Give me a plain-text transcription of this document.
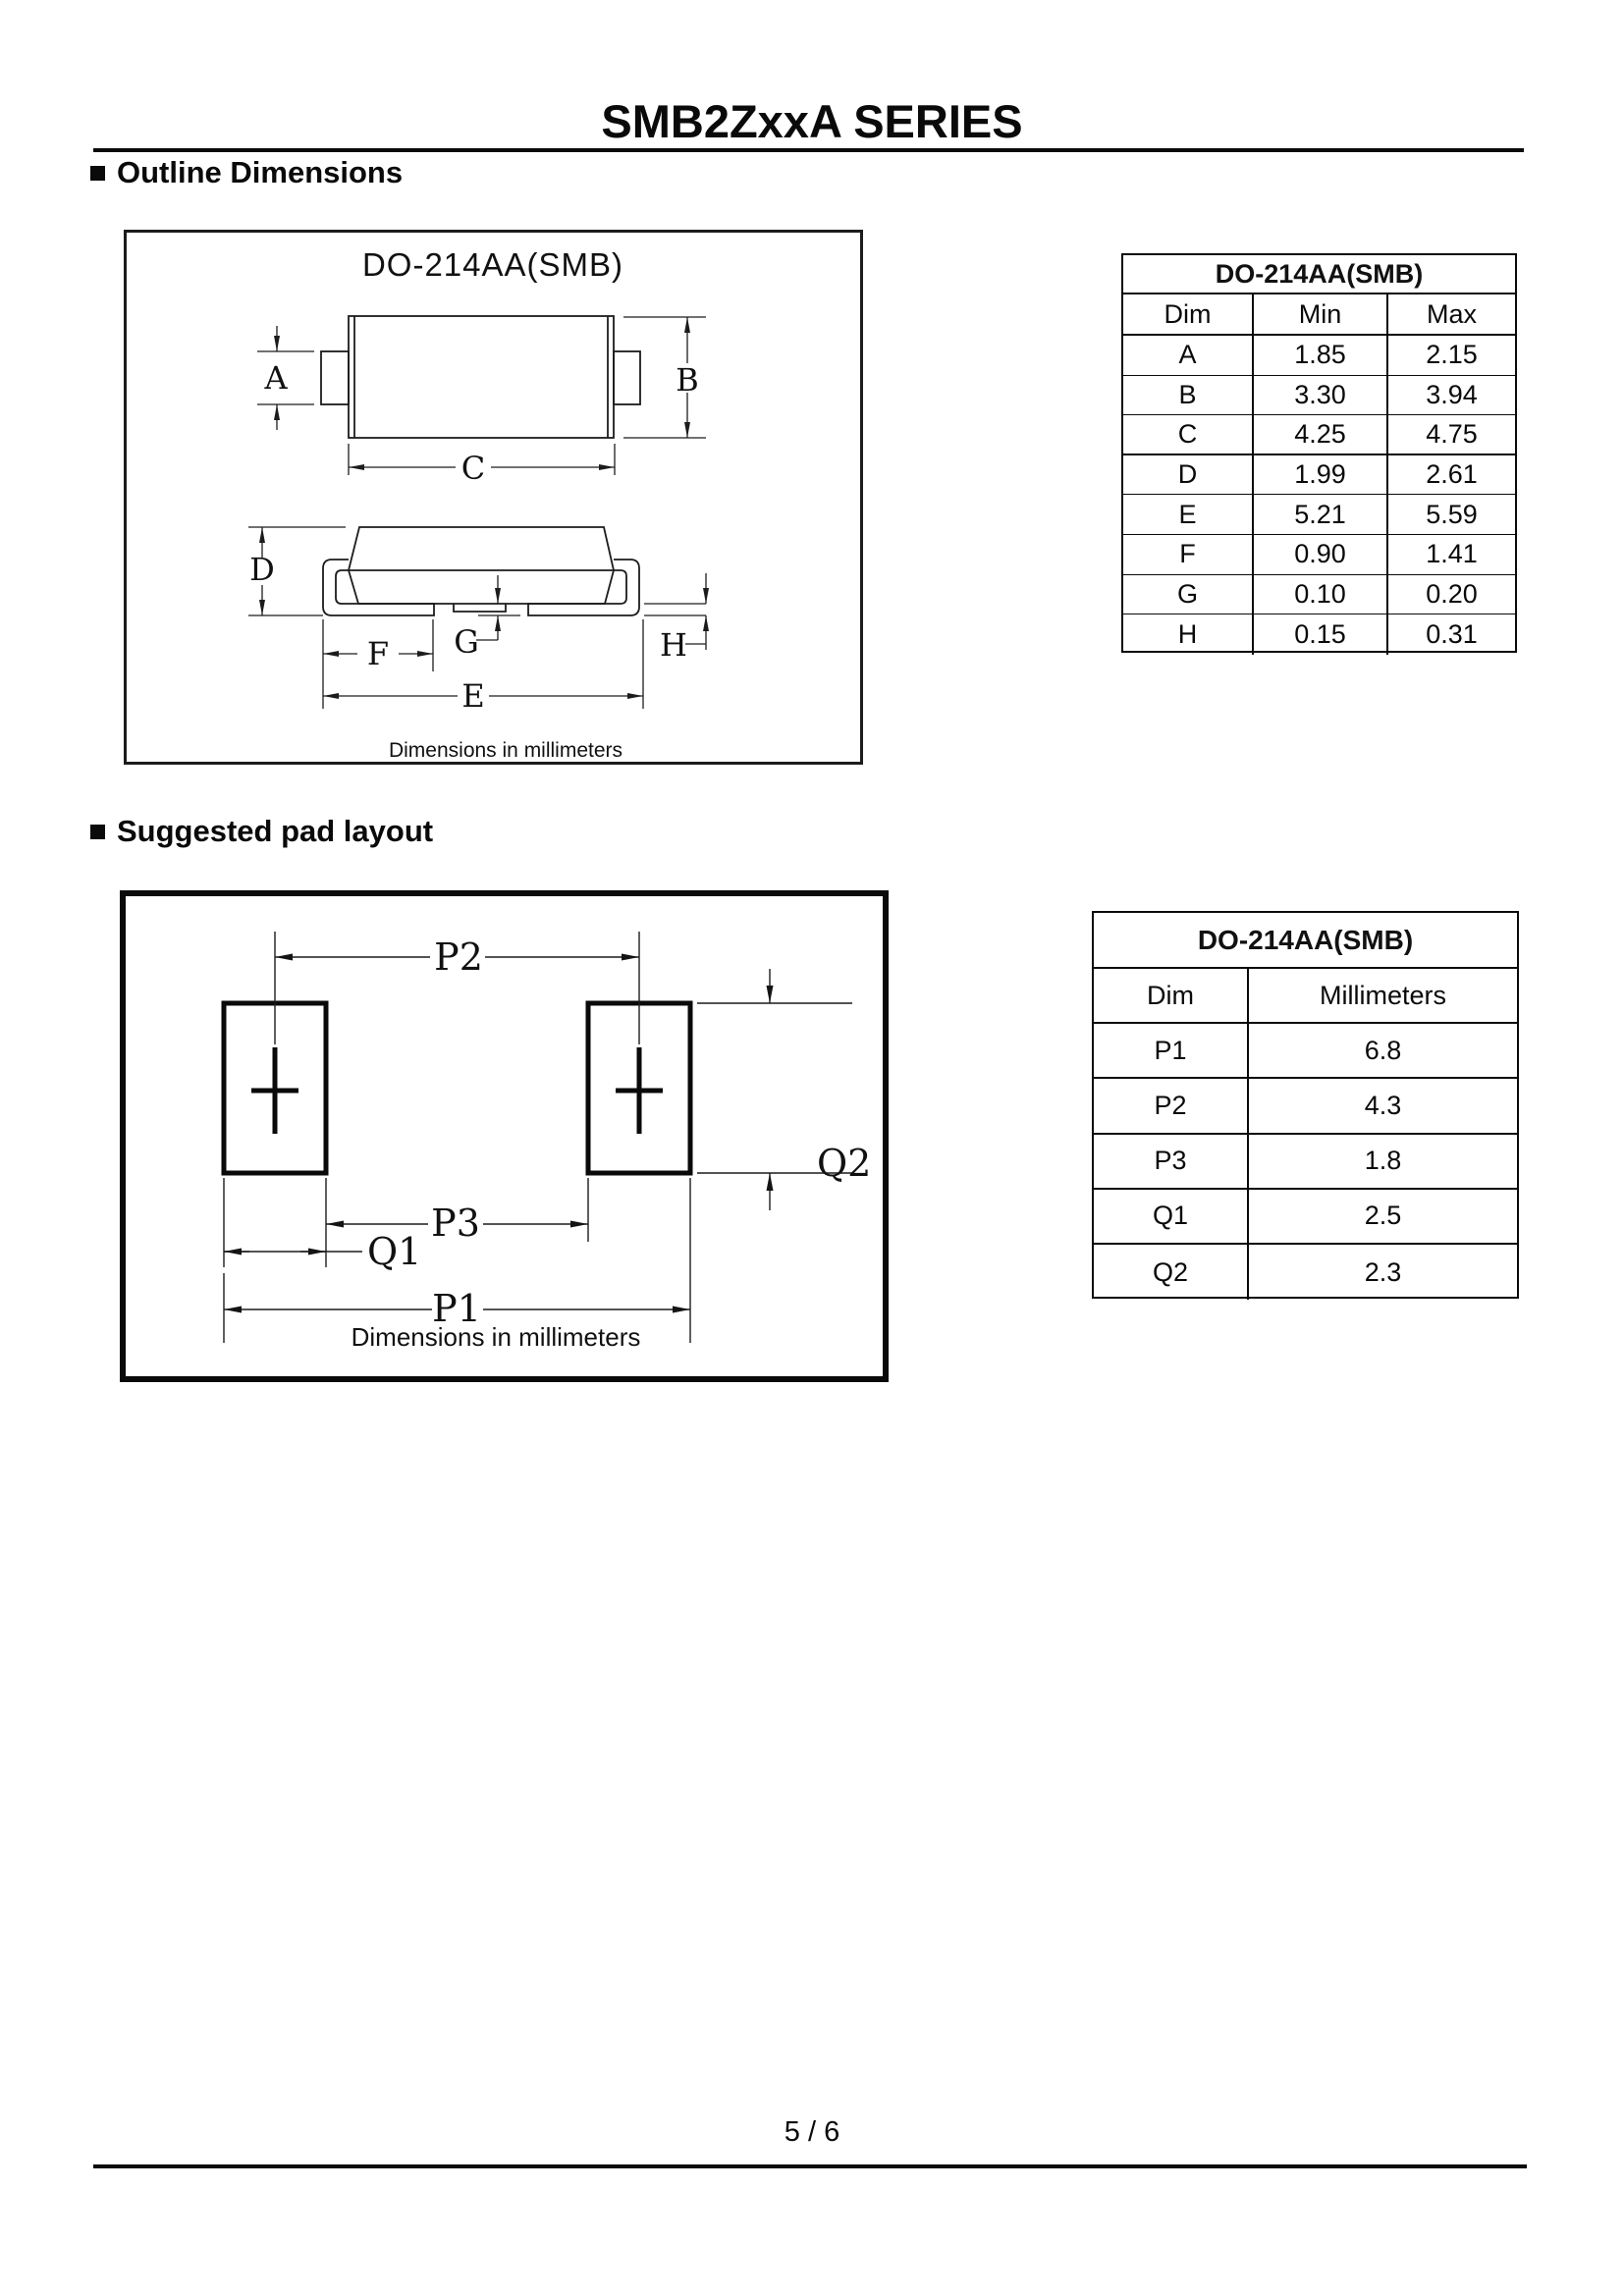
SMB2ZxxA SERIES
Outline Dimensions
DO-214AA(SMB)
A	B
C
D
F G	H
E
Dimensions in millimeters
DO-214AA(SMB)
Dim	Min	Max
A	1.85	2.15
B	3.30	3.94
C	4.25	4.75
D	1.99	2.61
E	5.21	5.59
F	0.90	1.41
G	0.10	0.20
H	0.15	0.31
Suggested pad layout
P2
Q2
P3
Q1
P1
Dimensions in millimeters
DO-214AA(SMB)
Dim	Millimeters
P1	6.8
P2	4.3
P3	1.8
Q1	2.5
Q2	2.3
5 / 6
